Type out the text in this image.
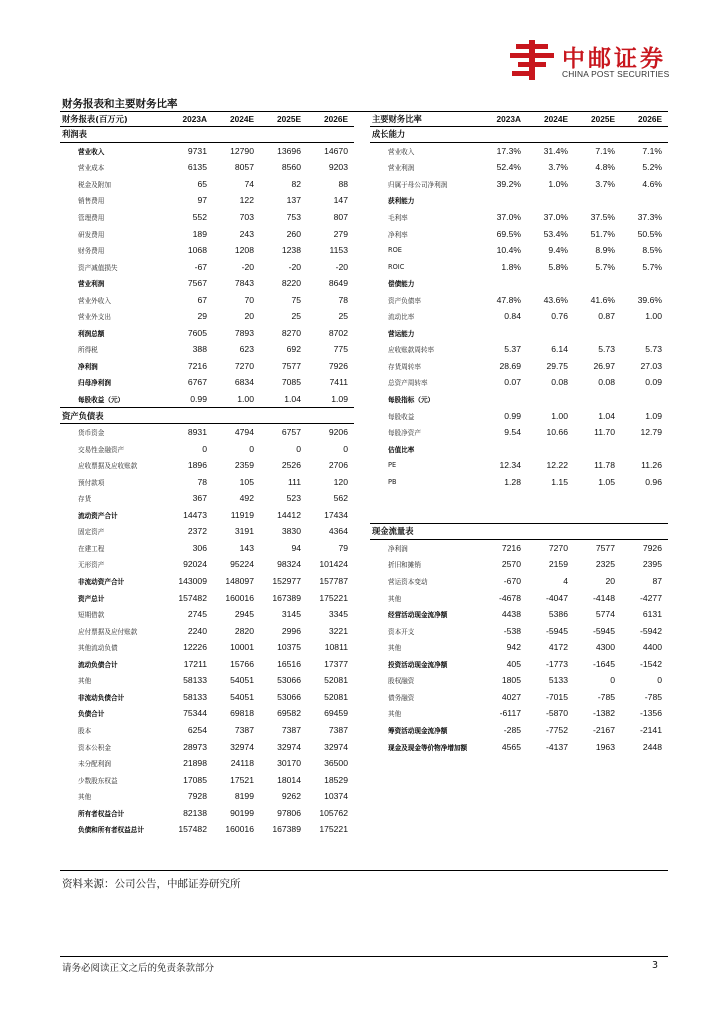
中邮证券
CHINA POST SECURITIES
财务报表和主要财务比率
财务报表(百万元)	2023A	2024E	2025E	2026E
利润表				
营业收入	9731	12790	13696	14670
营业成本	6135	8057	8560	9203
税金及附加	65	74	82	88
销售费用	97	122	137	147
管理费用	552	703	753	807
研发费用	189	243	260	279
财务费用	1068	1208	1238	1153
资产减值损失	-67	-20	-20	-20
营业利润	7567	7843	8220	8649
营业外收入	67	70	75	78
营业外支出	29	20	25	25
利润总额	7605	7893	8270	8702
所得税	388	623	692	775
净利润	7216	7270	7577	7926
归母净利润	6767	6834	7085	7411
每股收益（元）	0.99	1.00	1.04	1.09
资产负债表				
货币资金	8931	4794	6757	9206
交易性金融资产	0	0	0	0
应收票据及应收账款	1896	2359	2526	2706
预付款项	78	105	111	120
存货	367	492	523	562
流动资产合计	14473	11919	14412	17434
固定资产	2372	3191	3830	4364
在建工程	306	143	94	79
无形资产	92024	95224	98324	101424
非流动资产合计	143009	148097	152977	157787
资产总计	157482	160016	167389	175221
短期借款	2745	2945	3145	3345
应付票据及应付账款	2240	2820	2996	3221
其他流动负债	12226	10001	10375	10811
流动负债合计	17211	15766	16516	17377
其他	58133	54051	53066	52081
非流动负债合计	58133	54051	53066	52081
负债合计	75344	69818	69582	69459
股本	6254	7387	7387	7387
资本公积金	28973	32974	32974	32974
未分配利润	21898	24118	30170	36500
少数股东权益	17085	17521	18014	18529
其他	7928	8199	9262	10374
所有者权益合计	82138	90199	97806	105762
负债和所有者权益总计	157482	160016	167389	175221
主要财务比率	2023A	2024E	2025E	2026E
成长能力				
营业收入	17.3%	31.4%	7.1%	7.1%
营业利润	52.4%	3.7%	4.8%	5.2%
归属于母公司净利润	39.2%	1.0%	3.7%	4.6%
获利能力				
毛利率	37.0%	37.0%	37.5%	37.3%
净利率	69.5%	53.4%	51.7%	50.5%
ROE	10.4%	9.4%	8.9%	8.5%
ROIC	1.8%	5.8%	5.7%	5.7%
偿债能力				
资产负债率	47.8%	43.6%	41.6%	39.6%
流动比率	0.84	0.76	0.87	1.00
营运能力				
应收账款周转率	5.37	6.14	5.73	5.73
存货周转率	28.69	29.75	26.97	27.03
总资产周转率	0.07	0.08	0.08	0.09
每股指标（元）				
每股收益	0.99	1.00	1.04	1.09
每股净资产	9.54	10.66	11.70	12.79
估值比率				
PE	12.34	12.22	11.78	11.26
PB	1.28	1.15	1.05	0.96

现金流量表				
净利润	7216	7270	7577	7926
折旧和摊销	2570	2159	2325	2395
营运资本变动	-670	4	20	87
其他	-4678	-4047	-4148	-4277
经营活动现金流净额	4438	5386	5774	6131
资本开支	-538	-5945	-5945	-5942
其他	942	4172	4300	4400
投资活动现金流净额	405	-1773	-1645	-1542
股权融资	1805	5133	0	0
债务融资	4027	-7015	-785	-785
其他	-6117	-5870	-1382	-1356
筹资活动现金流净额	-285	-7752	-2167	-2141
现金及现金等价物净增加额	4565	-4137	1963	2448
资料来源：公司公告，中邮证券研究所
请务必阅读正文之后的免责条款部分	3
